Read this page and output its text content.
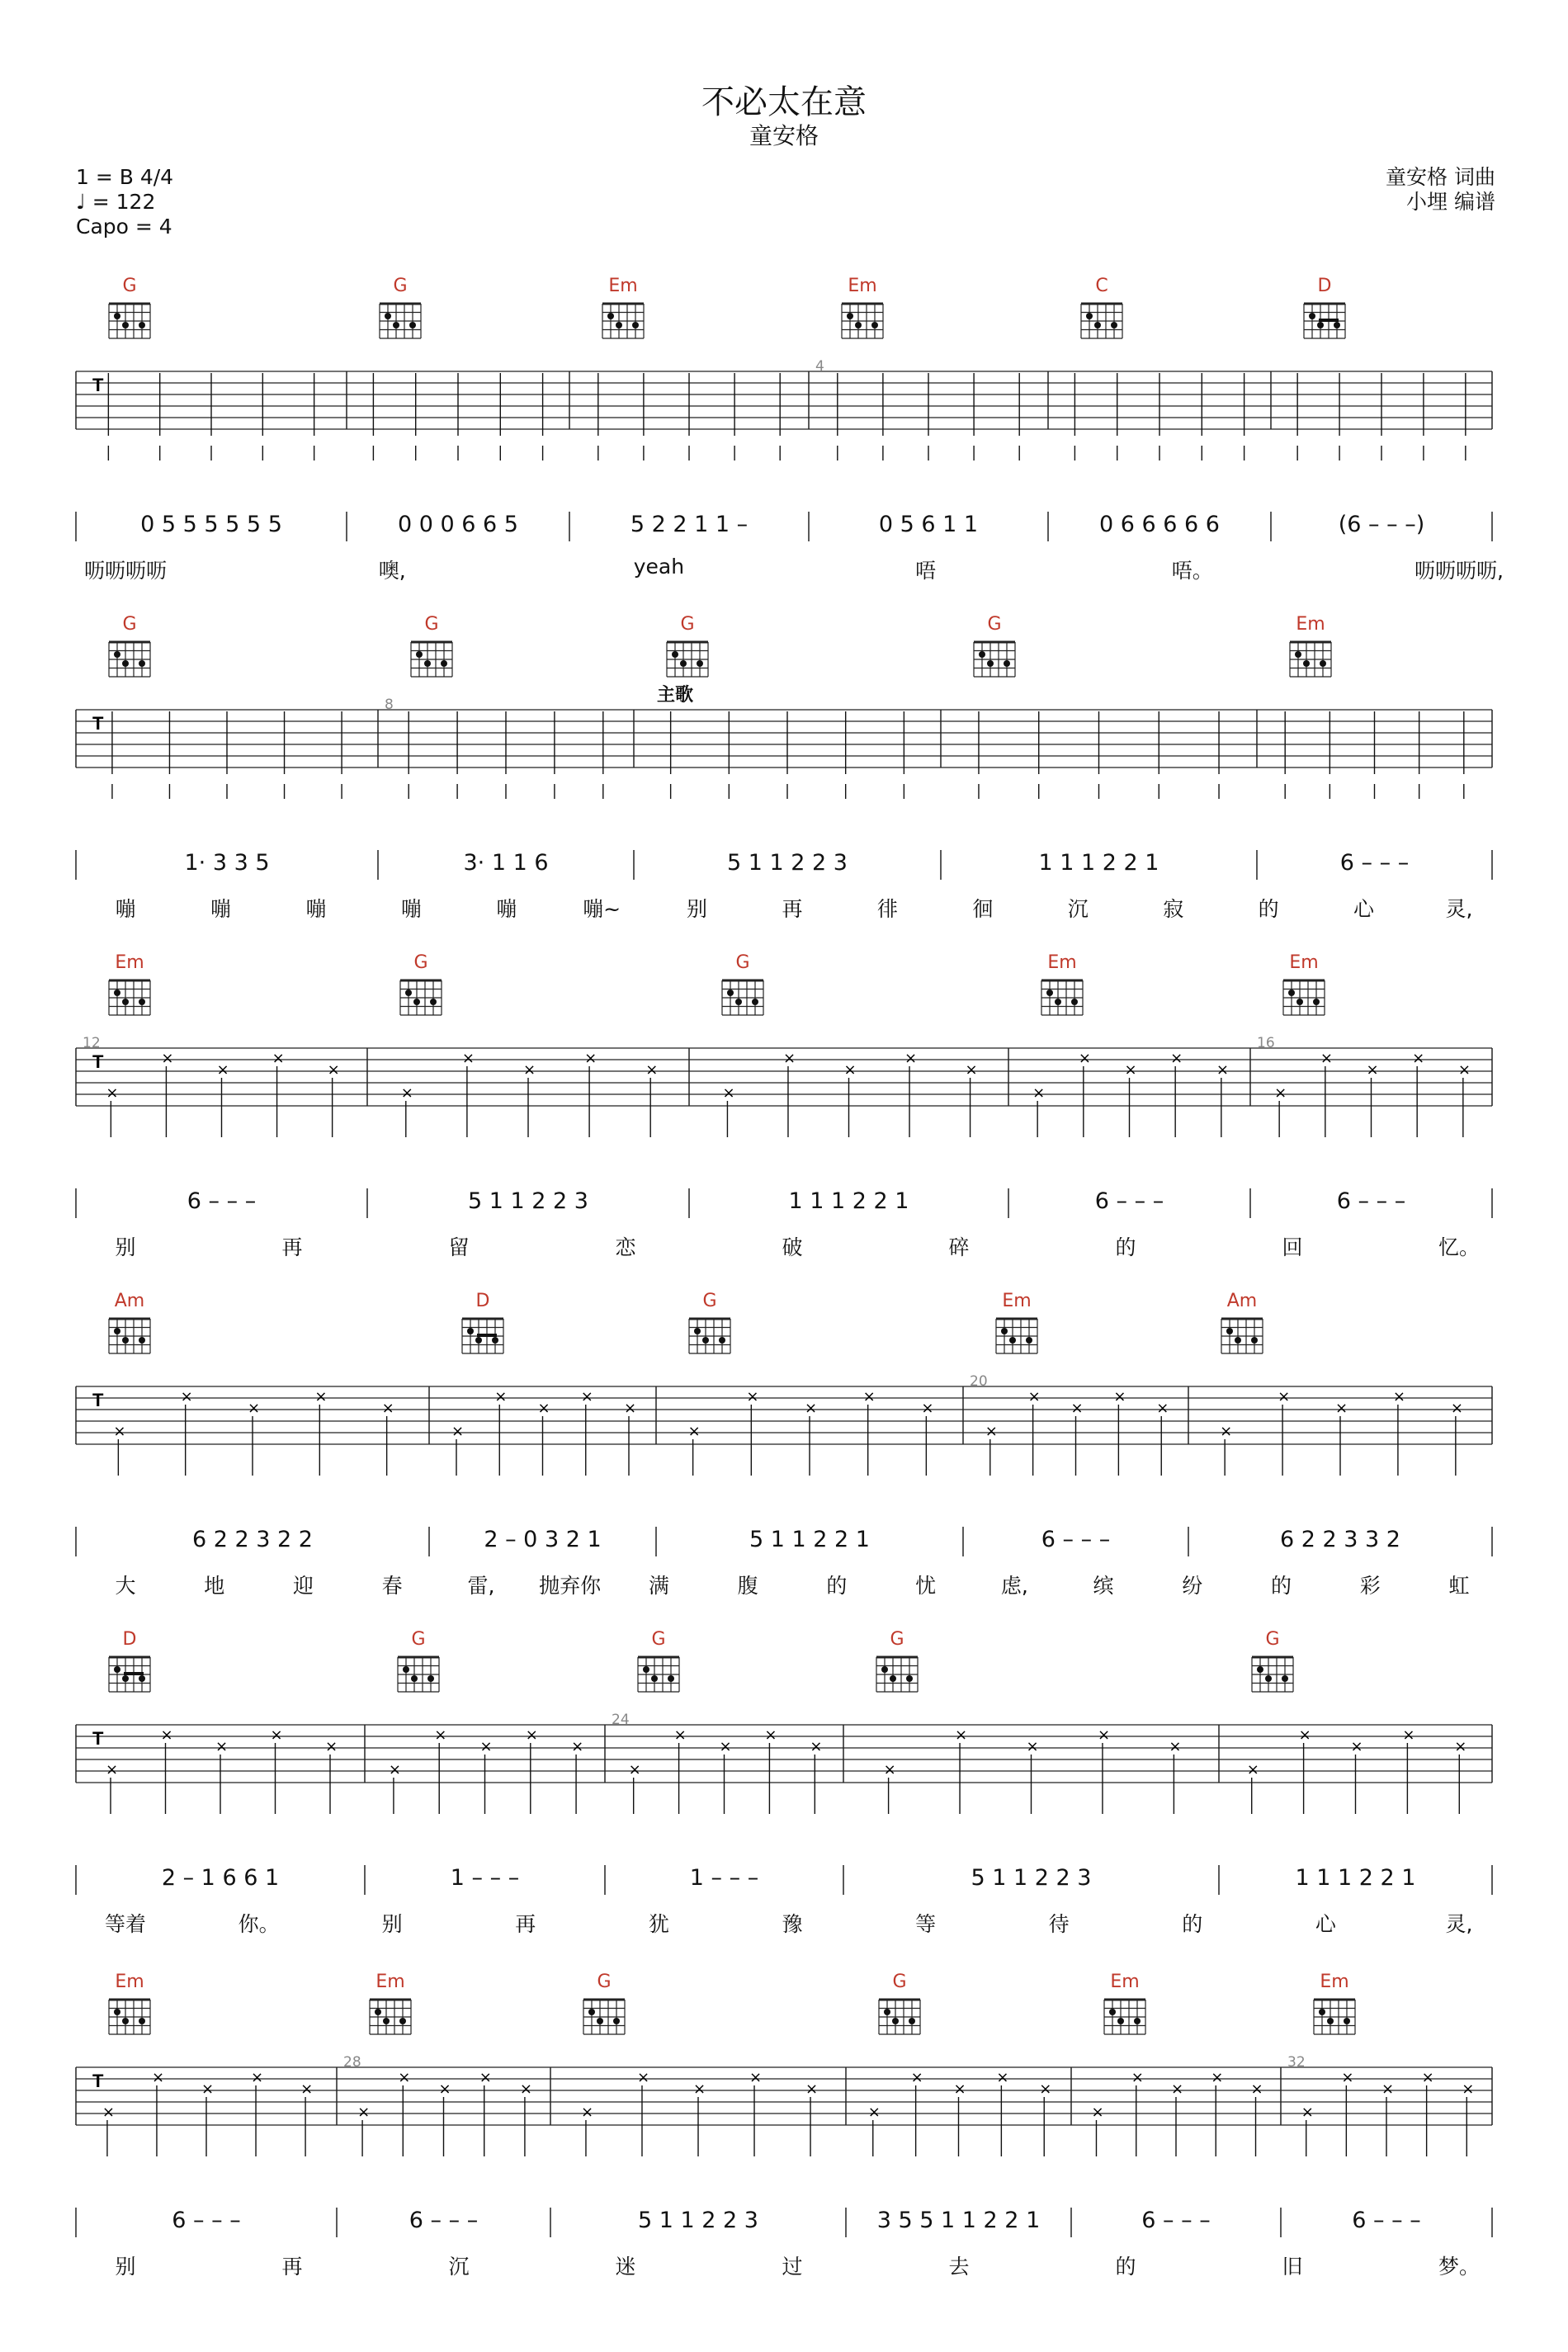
不必太在意
童安格
1 = B 4/4
♩ = 122
Capo = 4
童安格 词曲
小埋 编谱
T
G	G	Em	Em	C	D
4
0 5 5 5 5 5 5	0 0 0 6 6 5	5 2 2 1 1 –	0 5 6 1 1	0 6 6 6 6 6	(6 – – –)
呖呖呖呖	噢,	yeah	唔	唔。	呖呖呖呖,
T
G	G	G	G	Em
8
1· 3 3 5	3· 1 1 6	5 1 1 2 2 3	1 1 1 2 2 1	6 – – –
嘣	嘣	嘣	嘣	嘣	嘣~	别	再	徘	徊	沉	寂	的	心	灵,
主歌
T
×
×
×
×
×
×
×
×
×
×
×
×
×
×
×
×
×
×
×
×
×
×
×
×
×
Em	G	G	Em	Em
12	16
6 – – –	5 1 1 2 2 3	1 1 1 2 2 1	6 – – –	6 – – –
别	再	留	恋	破	碎	的	回	忆。
T
×
×
×
×
×
×
×
×
×
×
×
×
×
×
×
×
×
×
×
×
×
×
×
×
×
Am	D	G	Em	Am
20
6 2 2 3 2 2	2 – 0 3 2 1	5 1 1 2 2 1	6 – – –	6 2 2 3 3 2
大	地	迎	春	雷, 抛弃你 满	腹	的	忧	虑,	缤	纷	的	彩	虹
T
×
×
×
×
×
×
×
×
×
×
×
×
×
×
×
×
×
×
×
×
×
×
×
×
×
D	G	G	G	G
24
2 – 1 6 6 1	1 – – –	1 – – –	5 1 1 2 2 3	1 1 1 2 2 1
等着	你。	别	再	犹	豫	等	待	的	心	灵,
T
×
×
×
×
×
×
×
×
×
×
×
×
×
×
×
×
×
×
×
×
×
×
×
×
×
×
×
×
×
×
Em	Em	G	G	Em	Em
28	32
6 – – –	6 – – –	5 1 1 2 2 3	3 5 5 1 1 2 2 1	6 – – –	6 – – –
别	再	沉	迷	过	去	的	旧	梦。
